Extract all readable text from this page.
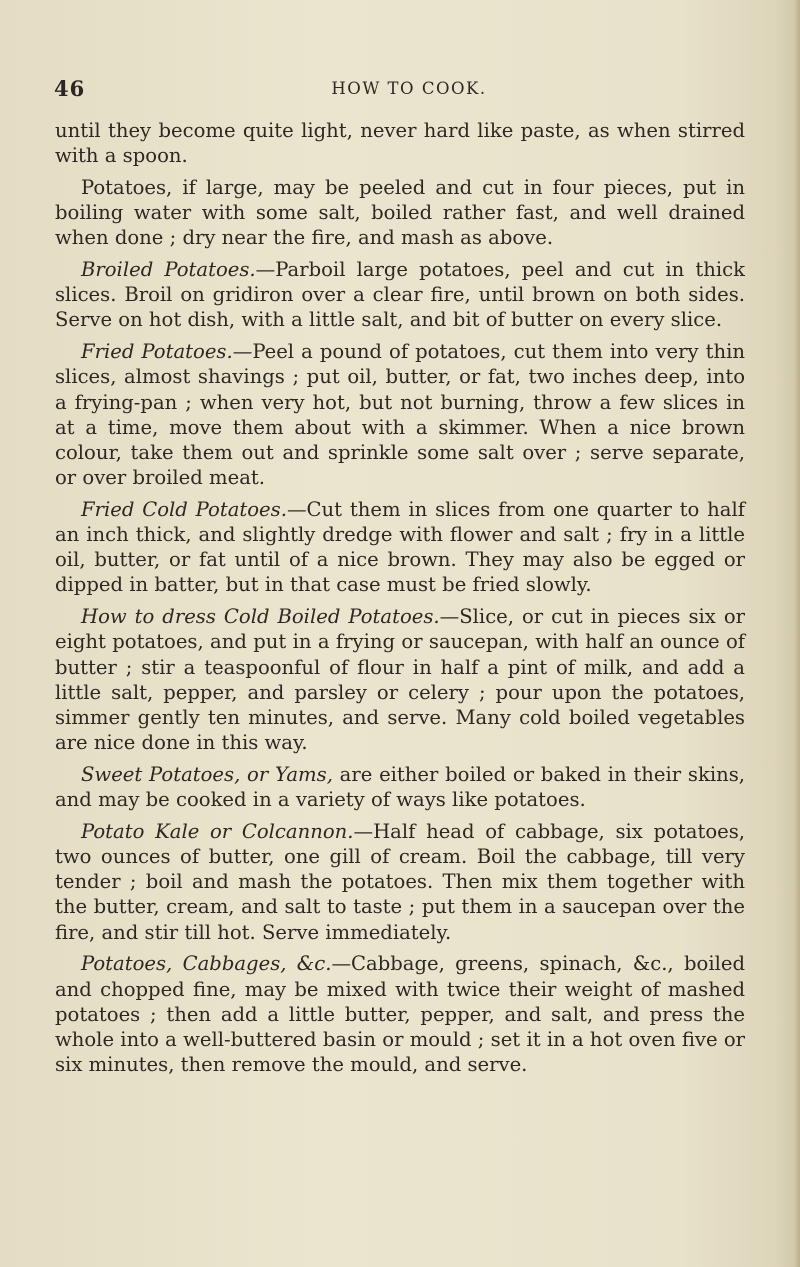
46	HOW TO COOK.

until they become quite light, never hard like paste, as when stirred with a spoon.

Potatoes, if large, may be peeled and cut in four pieces, put in boiling water with some salt, boiled rather fast, and well drained when done ; dry near the fire, and mash as above.

Broiled Potatoes.—Parboil large potatoes, peel and cut in thick slices. Broil on gridiron over a clear fire, until brown on both sides. Serve on hot dish, with a little salt, and bit of butter on every slice.

Fried Potatoes.—Peel a pound of potatoes, cut them into very thin slices, almost shavings ; put oil, butter, or fat, two inches deep, into a frying-pan ; when very hot, but not burning, throw a few slices in at a time, move them about with a skimmer. When a nice brown colour, take them out and sprinkle some salt over ; serve separate, or over broiled meat.

Fried Cold Potatoes.—Cut them in slices from one quarter to half an inch thick, and slightly dredge with flower and salt ; fry in a little oil, butter, or fat until of a nice brown. They may also be egged or dipped in batter, but in that case must be fried slowly.

How to dress Cold Boiled Potatoes.—Slice, or cut in pieces six or eight potatoes, and put in a frying or saucepan, with half an ounce of butter ; stir a teaspoonful of flour in half a pint of milk, and add a little salt, pepper, and parsley or celery ; pour upon the potatoes, simmer gently ten minutes, and serve. Many cold boiled vegetables are nice done in this way.

Sweet Potatoes, or Yams, are either boiled or baked in their skins, and may be cooked in a variety of ways like potatoes.

Potato Kale or Colcannon.—Half head of cabbage, six potatoes, two ounces of butter, one gill of cream. Boil the cabbage, till very tender ; boil and mash the potatoes. Then mix them together with the butter, cream, and salt to taste ; put them in a saucepan over the fire, and stir till hot. Serve immediately.

Potatoes, Cabbages, &c.—Cabbage, greens, spinach, &c., boiled and chopped fine, may be mixed with twice their weight of mashed potatoes ; then add a little butter, pepper, and salt, and press the whole into a well-buttered basin or mould ; set it in a hot oven five or six minutes, then remove the mould, and serve.
